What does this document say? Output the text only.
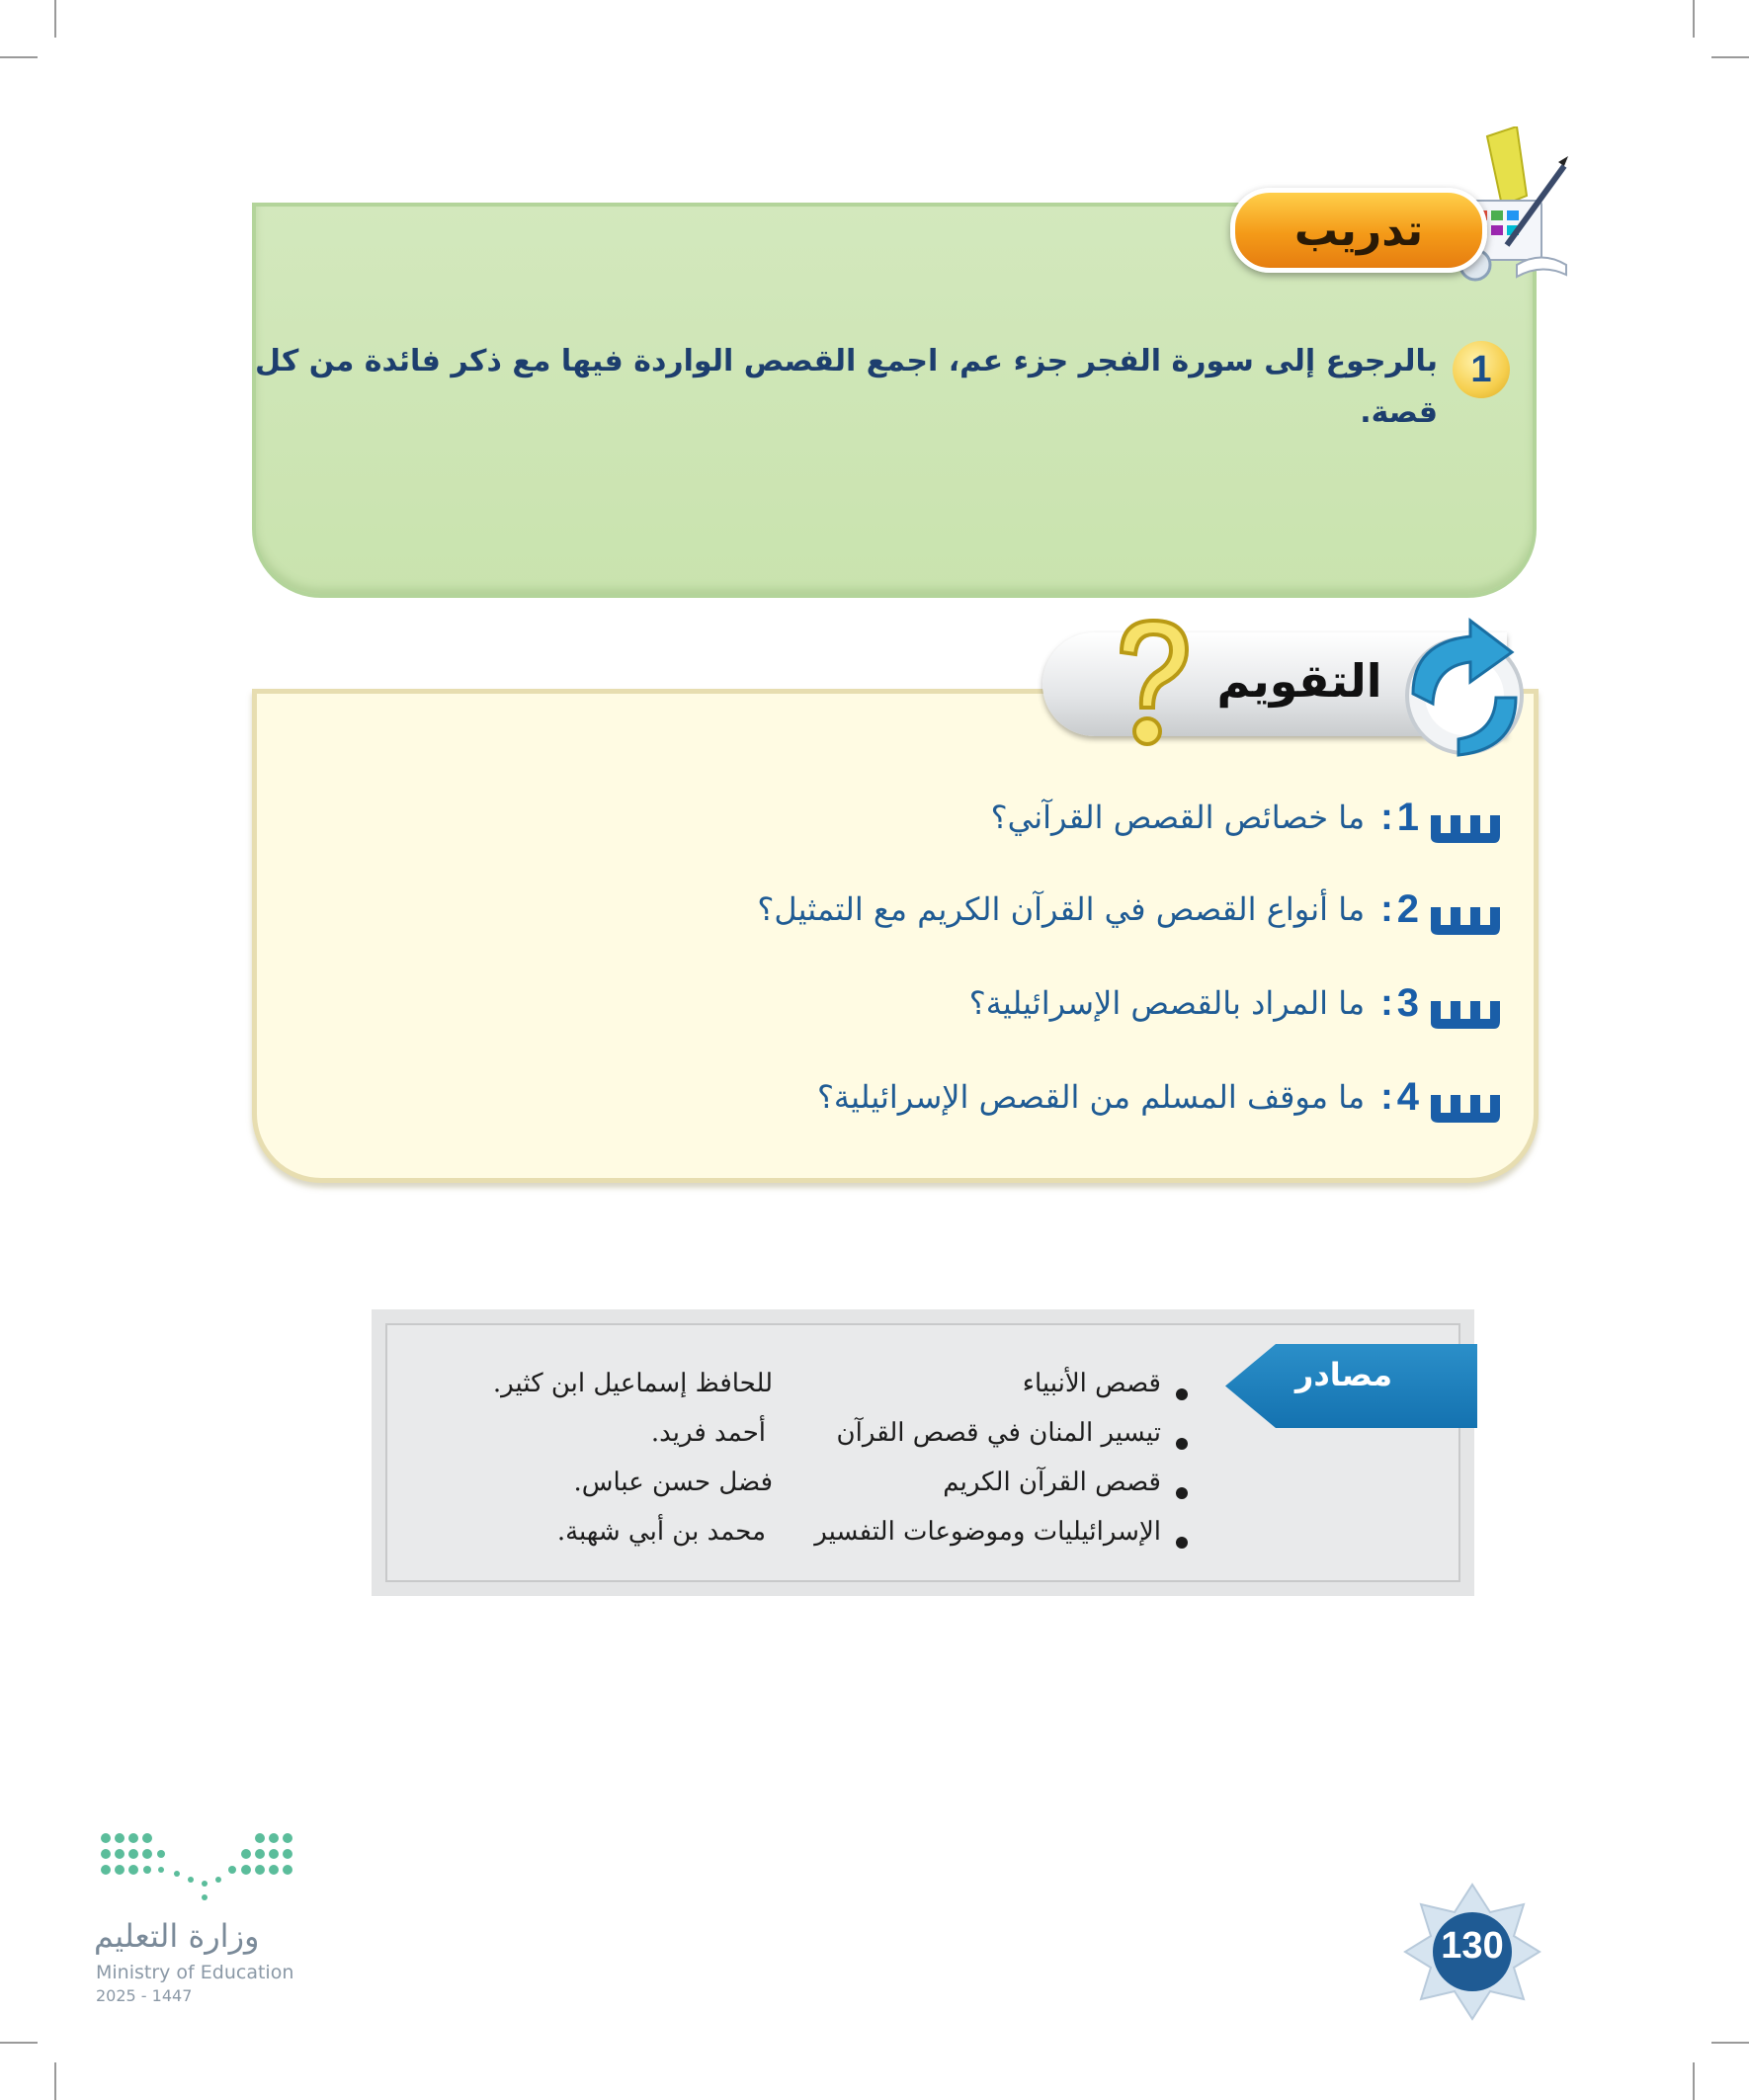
تدريب
1
بالرجوع إلى سورة الفجر جزء عم، اجمع القصص الواردة فيها مع ذكر فائدة من كل قصة.
التقويم
1
:
ما خصائص القصص القرآني؟
2
:
ما أنواع القصص في القرآن الكريم مع التمثيل؟
3
:
ما المراد بالقصص الإسرائيلية؟
4
:
ما موقف المسلم من القصص الإسرائيلية؟
مصادر
قصص الأنبياء
للحافظ إسماعيل ابن كثير.
تيسير المنان في قصص القرآن
أحمد فريد.
قصص القرآن الكريم
فضل حسن عباس.
الإسرائيليات وموضوعات التفسير
محمد بن أبي شهبة.
130
وزارة التعليم
Ministry of Education
2025 - 1447
